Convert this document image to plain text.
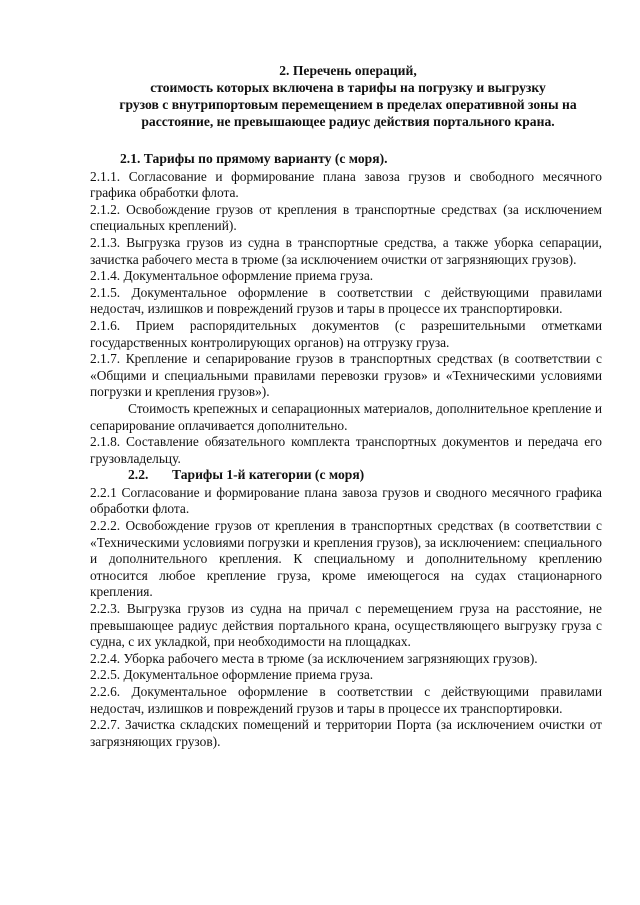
2. Перечень операций,
стоимость которых включена в тарифы на погрузку и выгрузку
грузов с внутрипортовым перемещением в пределах оперативной зоны на
расстояние, не превышающее радиус действия портального крана.

2.1. Тарифы по прямому варианту (с моря).

2.1.1. Согласование и формирование плана завоза грузов и свободного месячного графика обработки флота.

2.1.2. Освобождение грузов от крепления в транспортные средствах (за исключением специальных креплений).

2.1.3. Выгрузка грузов из судна в транспортные средства, а также уборка сепарации, зачистка рабочего места в трюме (за исключением очистки от загрязняющих грузов).

2.1.4. Документальное оформление приема груза.

2.1.5. Документальное оформление в соответствии с действующими правилами недостач, излишков и повреждений грузов и тары в процессе их транспортировки.

2.1.6. Прием распорядительных документов (с разрешительными отметками государственных контролирующих органов) на отгрузку груза.

2.1.7. Крепление и сепарирование грузов в транспортных средствах (в соответствии с «Общими и специальными правилами перевозки грузов» и «Техническими условиями погрузки и крепления грузов»).

Стоимость крепежных и сепарационных материалов, дополнительное крепление и сепарирование оплачивается дополнительно.

2.1.8. Составление обязательного комплекта транспортных документов и передача его грузовладельцу.

2.2. Тарифы 1-й категории (с моря)

2.2.1 Согласование и формирование плана завоза грузов и сводного месячного графика обработки флота.

2.2.2. Освобождение грузов от крепления в транспортных средствах (в соответствии с «Техническими условиями погрузки и крепления грузов), за исключением: специального и дополнительного крепления. К специальному и дополнительному креплению относится любое крепление груза, кроме имеющегося на судах стационарного крепления.

2.2.3. Выгрузка грузов из судна на причал с перемещением груза на расстояние, не превышающее радиус действия портального крана, осуществляющего выгрузку груза с судна, с их укладкой, при необходимости на площадках.

2.2.4. Уборка рабочего места в трюме (за исключением загрязняющих грузов).

2.2.5. Документальное оформление приема груза.

2.2.6. Документальное оформление в соответствии с действующими правилами недостач, излишков и повреждений грузов и тары в процессе их транспортировки.

2.2.7. Зачистка складских помещений и территории Порта (за исключением очистки от загрязняющих грузов).
